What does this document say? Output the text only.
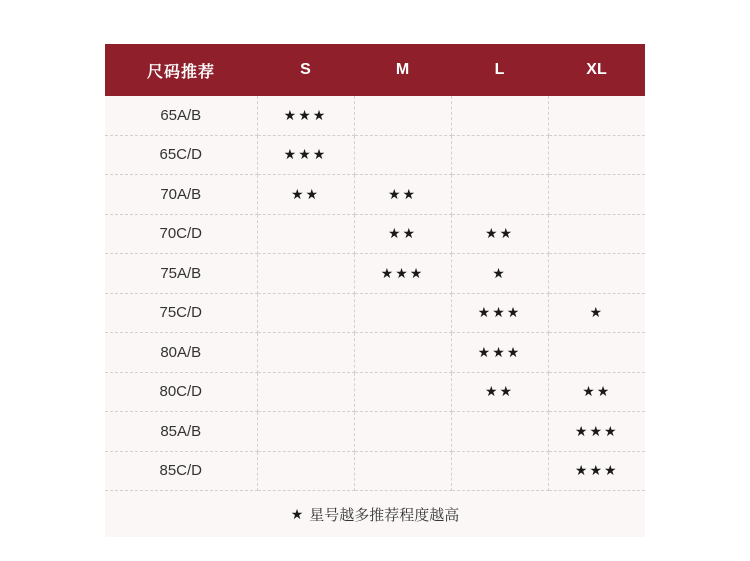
尺码推荐	S	M	L	XL
65A/B	★★★			
65C/D	★★★			
70A/B	★★	★★		
70C/D		★★	★★	
75A/B		★★★	★	
75C/D			★★★	★
80A/B			★★★	
80C/D			★★	★★
85A/B				★★★
85C/D				★★★
★ 星号越多推荐程度越高
